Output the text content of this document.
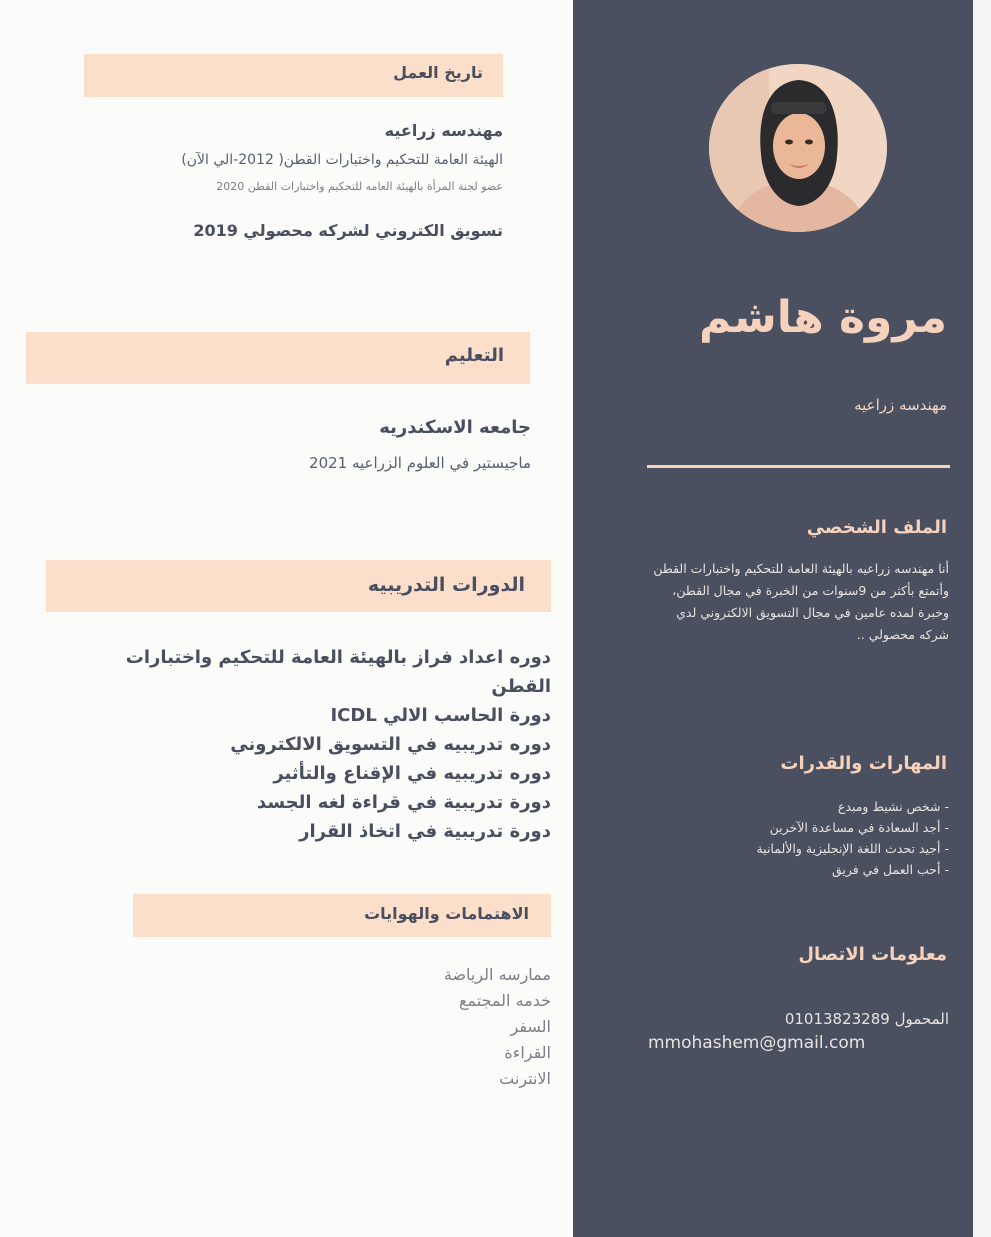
مروة هاشم
مهندسه زراعيه
الملف الشخصي
أنا مهندسه زراعيه بالهيئة العامة للتحكيم واختبارات القطن وأتمتع بأكثر من 9سنوات من الخبرة في مجال القطن، وخبرة لمده عامين في مجال التسويق الالكتروني لدي شركه محصولي ..
المهارات والقدرات
- شخص نشيط ومبدع
- أجد السعادة في مساعدة الآخرين
- أجيد تحدث اللغة الإنجليزية والألمانية
- أحب العمل في فريق
معلومات الاتصال
المحمول 01013823289
mmohashem@gmail.com
تاريخ العمل
مهندسه زراعيه
الهيئة العامة للتحكيم واختبارات القطن( 2012-الي الآن)
عضو لجنة المرأة بالهيئة العامه للتحكيم واختبارات القطن 2020
تسويق الكتروني لشركه محصولي 2019
التعليم
جامعه الاسكندريه
ماجيستير في العلوم الزراعيه 2021
الدورات التدريبيه
دوره اعداد فراز بالهيئة العامة للتحكيم واختبارات القطن
دورة الحاسب الالي ICDL
دوره تدريبيه في التسويق الالكتروني
دوره تدريبيه في الإقناع والتأثير
دورة تدريبية في قراءة لغه الجسد
دورة تدريبية في اتخاذ القرار
الاهتمامات والهوايات
ممارسه الرياضة
خدمه المجتمع
السفر
القراءة
الانترنت
